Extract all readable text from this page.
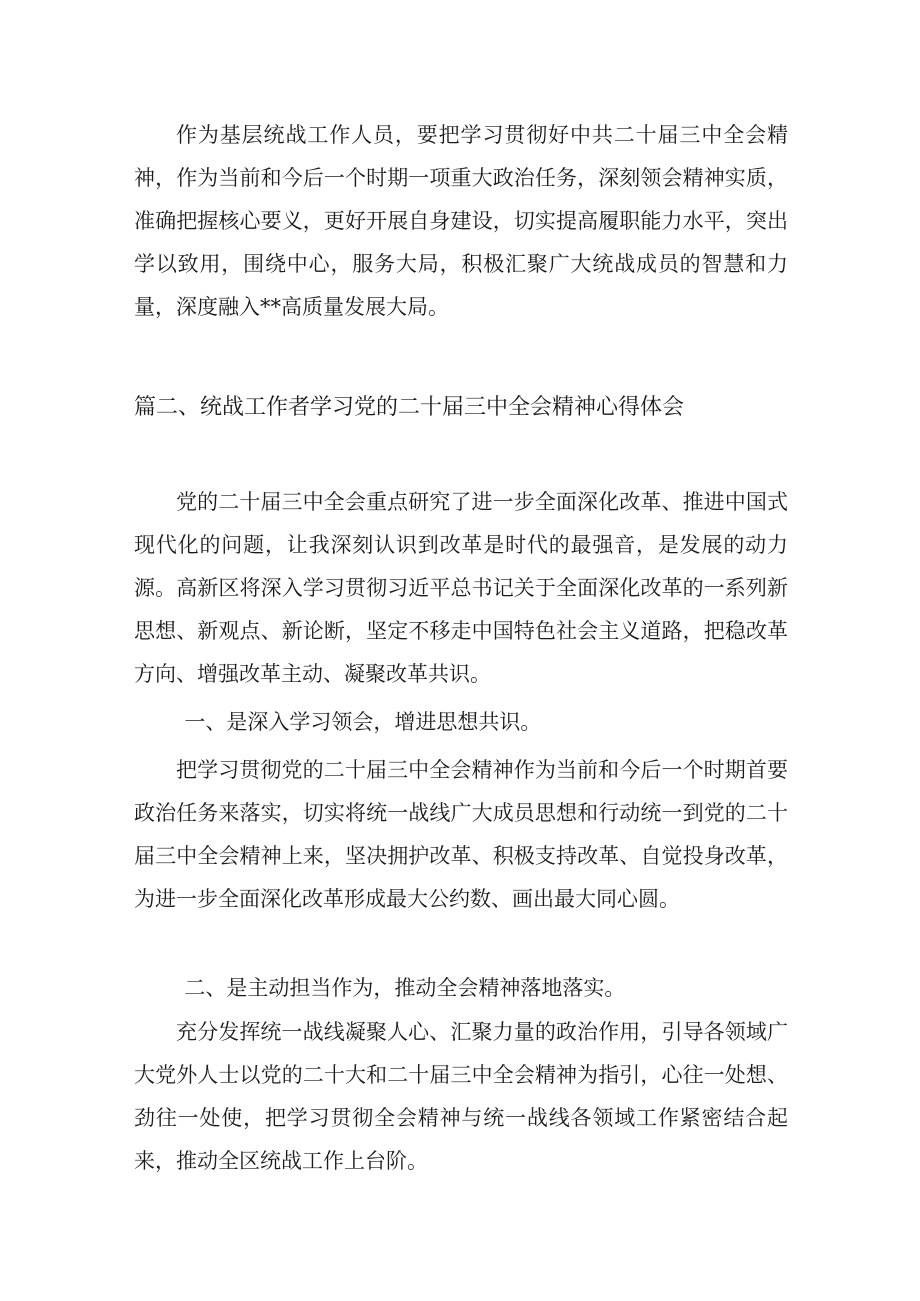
作为基层统战工作人员，要把学习贯彻好中共二十届三中全会精神，作为当前和今后一个时期一项重大政治任务，深刻领会精神实质，准确把握核心要义，更好开展自身建设，切实提高履职能力水平，突出学以致用，围绕中心，服务大局，积极汇聚广大统战成员的智慧和力量，深度融入**高质量发展大局。

篇二、统战工作者学习党的二十届三中全会精神心得体会

党的二十届三中全会重点研究了进一步全面深化改革、推进中国式现代化的问题，让我深刻认识到改革是时代的最强音，是发展的动力源。高新区将深入学习贯彻习近平总书记关于全面深化改革的一系列新思想、新观点、新论断，坚定不移走中国特色社会主义道路，把稳改革方向、增强改革主动、凝聚改革共识。

一、是深入学习领会，增进思想共识。

把学习贯彻党的二十届三中全会精神作为当前和今后一个时期首要政治任务来落实，切实将统一战线广大成员思想和行动统一到党的二十届三中全会精神上来，坚决拥护改革、积极支持改革、自觉投身改革，为进一步全面深化改革形成最大公约数、画出最大同心圆。

二、是主动担当作为，推动全会精神落地落实。

充分发挥统一战线凝聚人心、汇聚力量的政治作用，引导各领域广大党外人士以党的二十大和二十届三中全会精神为指引，心往一处想、劲往一处使，把学习贯彻全会精神与统一战线各领域工作紧密结合起来，推动全区统战工作上台阶。
